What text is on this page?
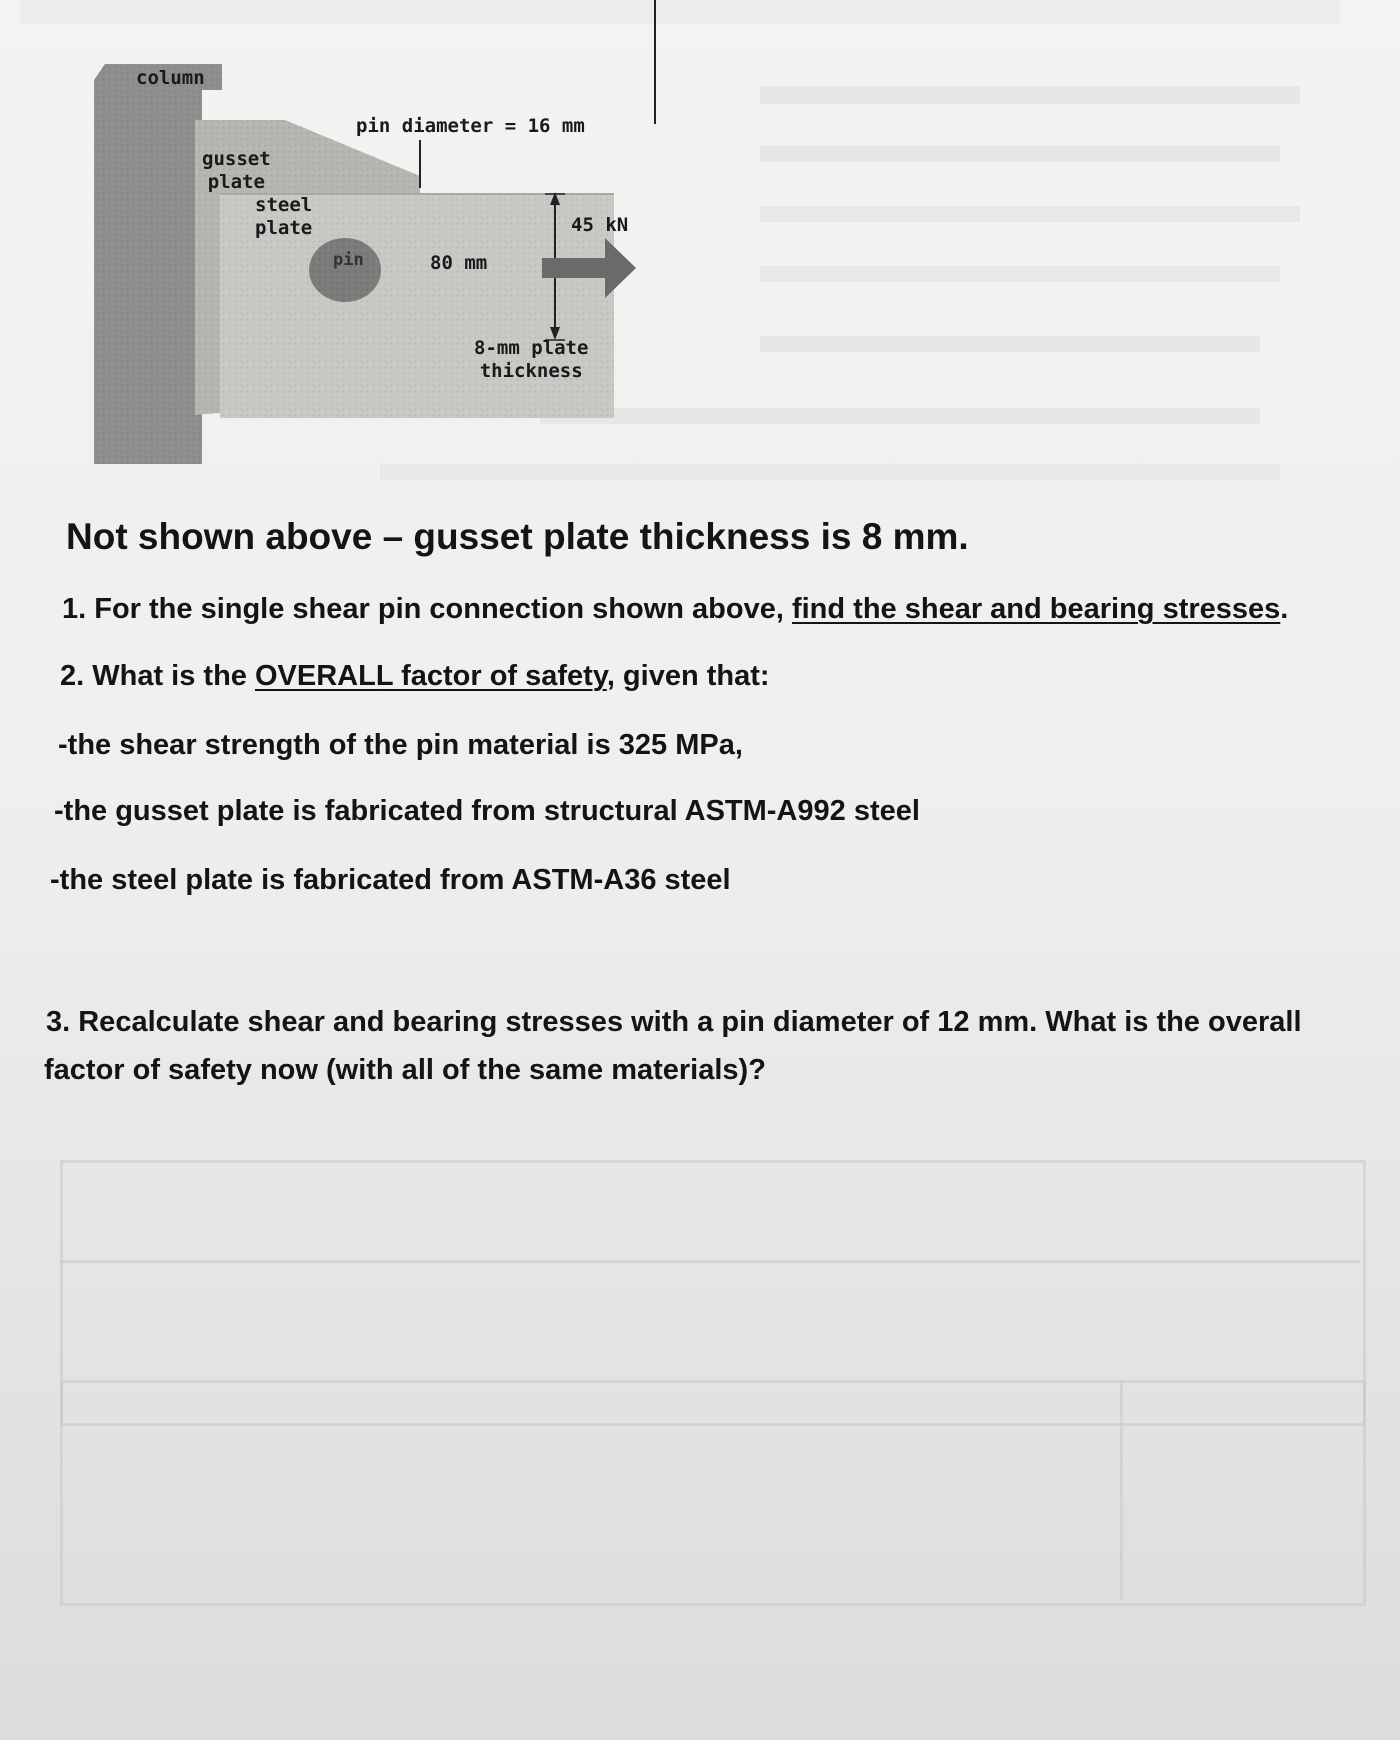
column
gusset
plate
steel
plate
pin
pin diameter = 16 mm
80 mm
45 kN
8-mm plate
thickness
Not shown above – gusset plate thickness is 8 mm.
1. For the single shear pin connection shown above, find the shear and bearing stresses.
2. What is the OVERALL factor of safety, given that:
-the shear strength of the pin material is 325 MPa,
-the gusset plate is fabricated from structural ASTM-A992 steel
-the steel plate is fabricated from ASTM-A36 steel
3. Recalculate shear and bearing stresses with a pin diameter of 12 mm. What is the overall
factor of safety now (with all of the same materials)?
